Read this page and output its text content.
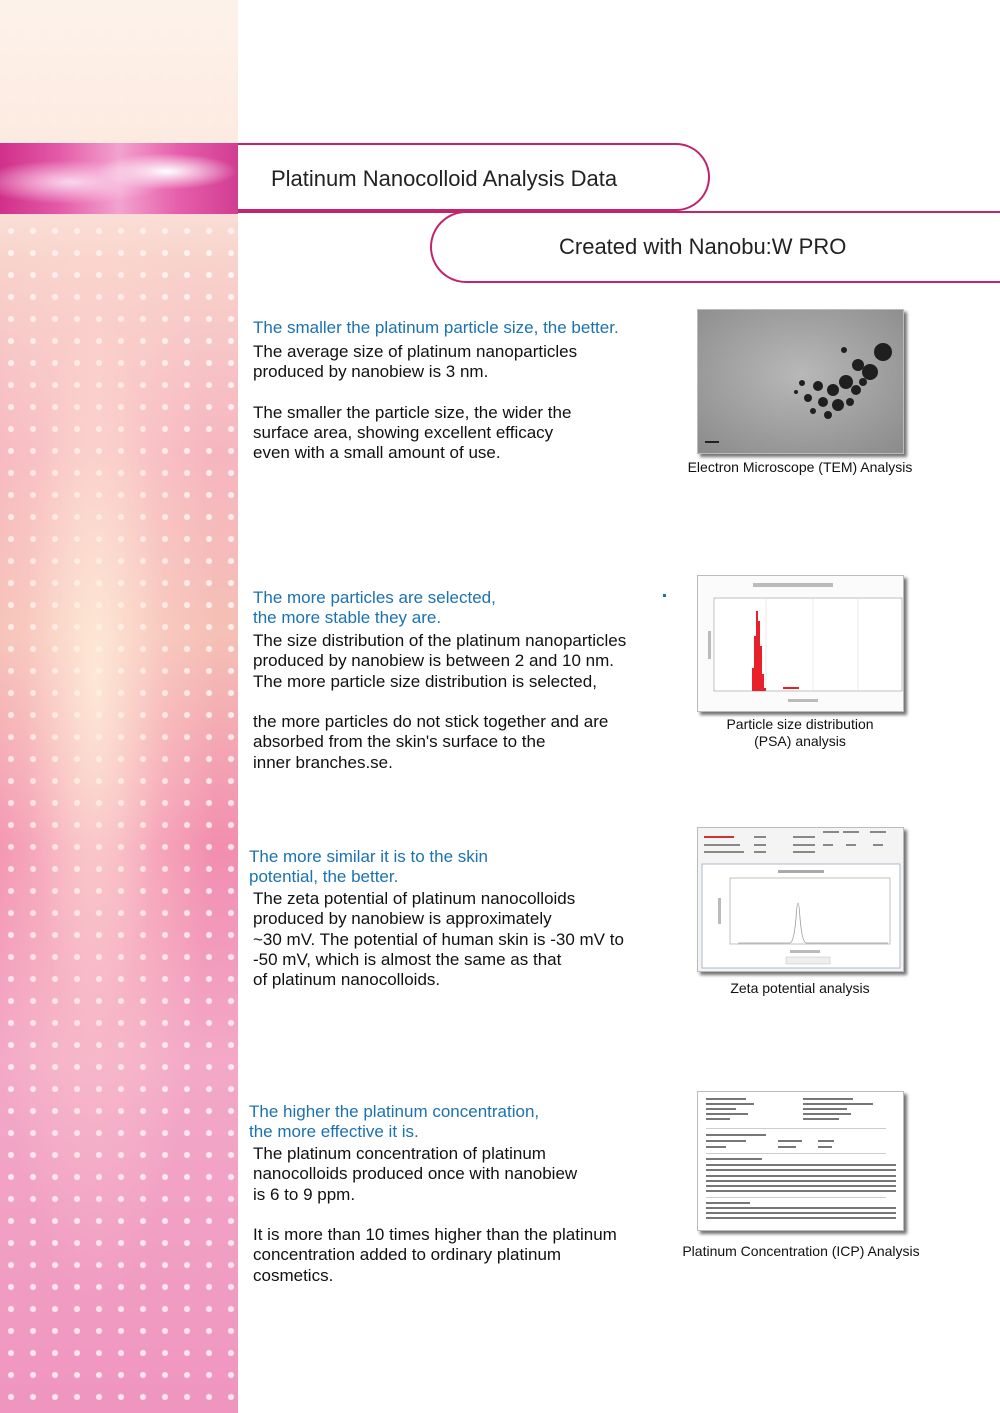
Platinum Nanocolloid Analysis Data
Created with Nanobu:W PRO
The smaller the platinum particle size, the better.
The average size of platinum nanoparticles
produced by nanobiew is 3 nm.

The smaller the particle size, the wider the
surface area, showing excellent efficacy
even with a small amount of use.
Electron Microscope (TEM) Analysis
The more particles are selected,
the more stable they are.
The size distribution of the platinum nanoparticles
produced by nanobiew is between 2 and 10 nm.
The more particle size distribution is selected,

the more particles do not stick together and are
absorbed from the skin's surface to the
inner branches.se.
Particle size distribution
(PSA) analysis
The more similar it is to the skin
potential, the better.
The zeta potential of platinum nanocolloids
produced by nanobiew is approximately
~30 mV. The potential of human skin is -30 mV to
-50 mV, which is almost the same as that
of platinum nanocolloids.	Zeta potential analysis
The higher the platinum concentration,
the more effective it is.
The platinum concentration of platinum
nanocolloids produced once with nanobiew
is 6 to 9 ppm.

It is more than 10 times higher than the platinum
concentration added to ordinary platinum
cosmetics.
Platinum Concentration (ICP) Analysis
